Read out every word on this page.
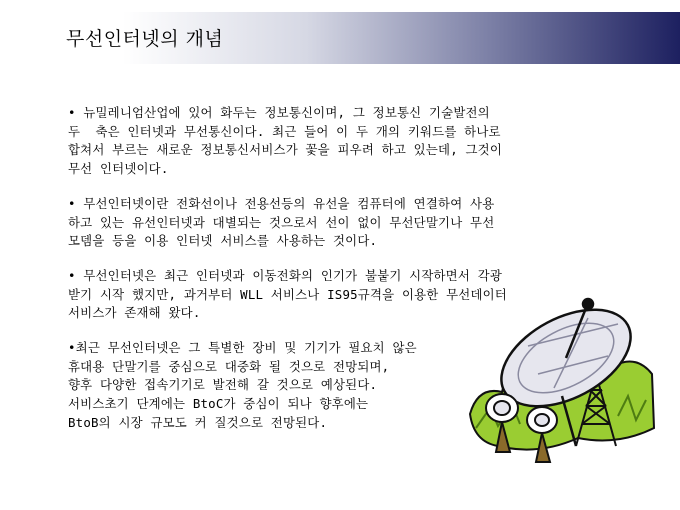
무선인터넷의 개념
• 뉴밀레니엄산업에 있어 화두는 정보통신이며, 그 정보통신 기술발전의
두  축은 인터넷과 무선통신이다. 최근 들어 이 두 개의 키워드를 하나로
합쳐서 부르는 새로운 정보통신서비스가 꽃을 피우려 하고 있는데, 그것이
무선 인터넷이다.
• 무선인터넷이란 전화선이나 전용선등의 유선을 컴퓨터에 연결하여 사용
하고 있는 유선인터넷과 대별되는 것으로서 선이 없이 무선단말기나 무선
모뎀을 등을 이용 인터넷 서비스를 사용하는 것이다.
• 무선인터넷은 최근 인터넷과 이동전화의 인기가 불붙기 시작하면서 각광
받기 시작 했지만, 과거부터 WLL 서비스나 IS95규격을 이용한 무선데이터
서비스가 존재해 왔다.
•최근 무선인터넷은 그 특별한 장비 및 기기가 필요치 않은
휴대용 단말기를 중심으로 대중화 될 것으로 전망되며,
향후 다양한 접속기기로 발전해 갈 것으로 예상된다.
서비스초기 단계에는 BtoC가 중심이 되나 향후에는
BtoB의 시장 규모도 커 질것으로 전망된다.
